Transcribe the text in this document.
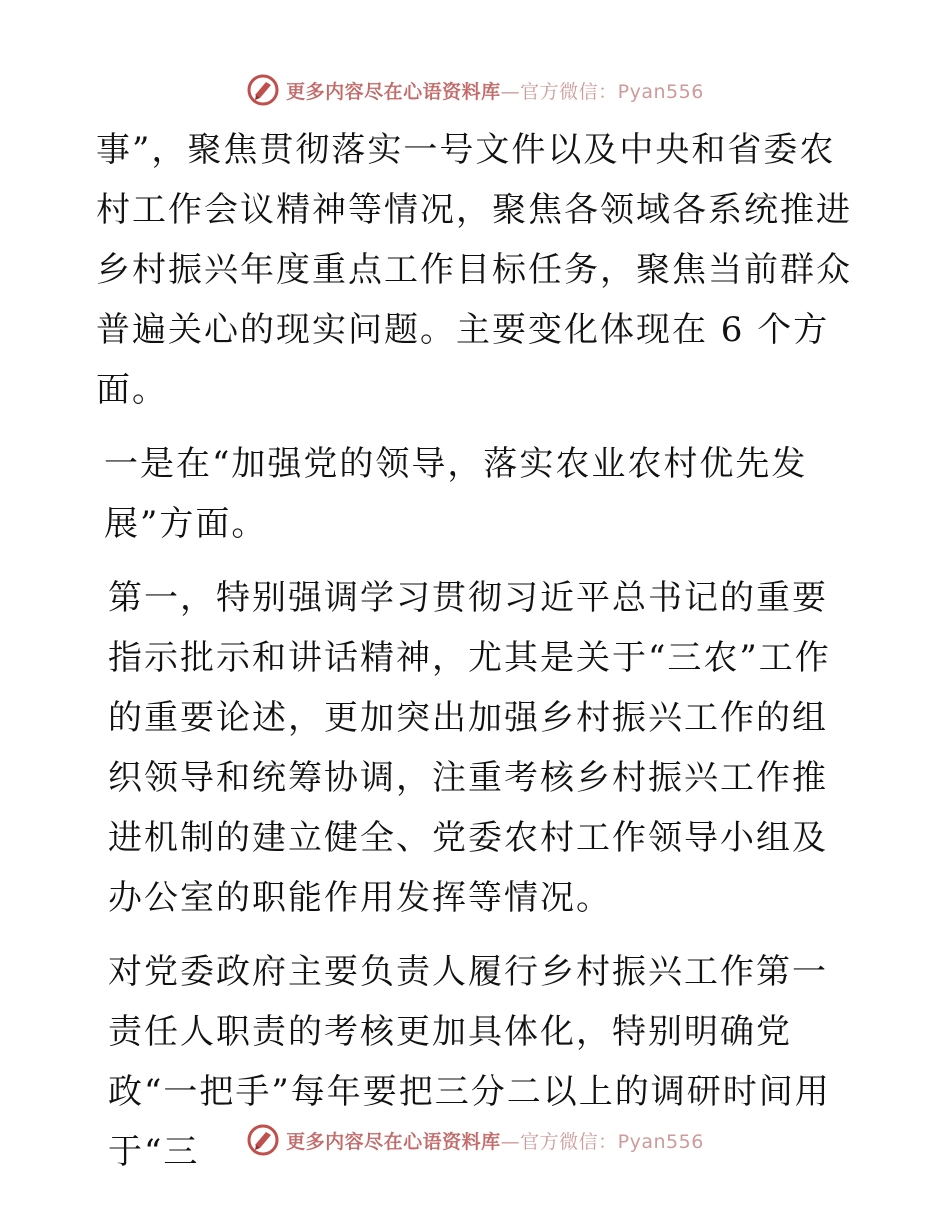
更多内容尽在心语资料库—官方微信：Pyan556

事”，聚焦贯彻落实一号文件以及中央和省委农村工作会议精神等情况，聚焦各领域各系统推进乡村振兴年度重点工作目标任务，聚焦当前群众普遍关心的现实问题。主要变化体现在 6 个方面。

一是在“加强党的领导，落实农业农村优先发展”方面。

第一，特别强调学习贯彻习近平总书记的重要指示批示和讲话精神，尤其是关于“三农”工作的重要论述，更加突出加强乡村振兴工作的组织领导和统筹协调，注重考核乡村振兴工作推进机制的建立健全、党委农村工作领导小组及办公室的职能作用发挥等情况。

对党委政府主要负责人履行乡村振兴工作第一责任人职责的考核更加具体化，特别明确党政“一把手”每年要把三分二以上的调研时间用于“三	更多内容尽在心语资料库—官方微信：Pyan556
